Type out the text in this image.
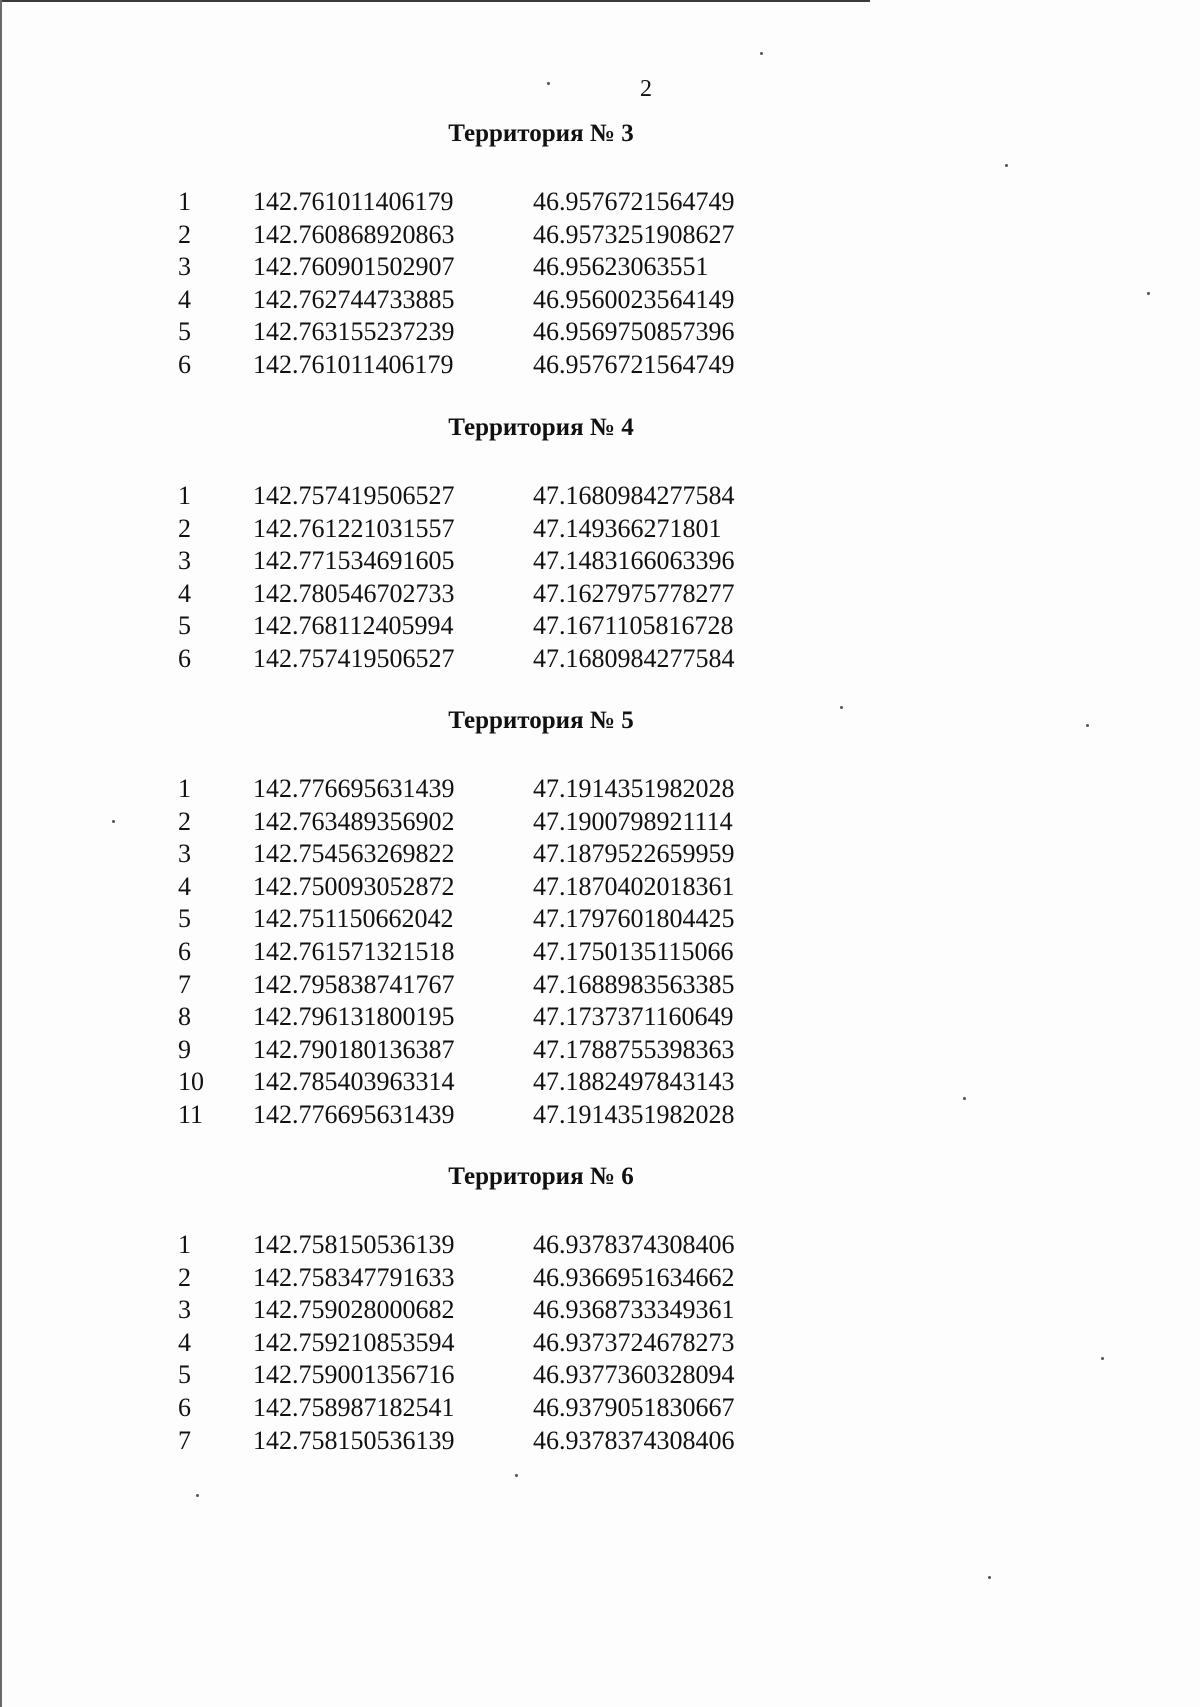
2
Территория № 3
1	142.761011406179	46.9576721564749
2	142.760868920863	46.9573251908627
3	142.760901502907	46.95623063551
4	142.762744733885	46.9560023564149
5	142.763155237239	46.9569750857396
6	142.761011406179	46.9576721564749
Территория № 4
1	142.757419506527	47.1680984277584
2	142.761221031557	47.149366271801
3	142.771534691605	47.1483166063396
4	142.780546702733	47.1627975778277
5	142.768112405994	47.1671105816728
6	142.757419506527	47.1680984277584
Территория № 5
1	142.776695631439	47.1914351982028
2	142.763489356902	47.1900798921114
3	142.754563269822	47.1879522659959
4	142.750093052872	47.1870402018361
5	142.751150662042	47.1797601804425
6	142.761571321518	47.1750135115066
7	142.795838741767	47.1688983563385
8	142.796131800195	47.1737371160649
9	142.790180136387	47.1788755398363
10	142.785403963314	47.1882497843143
11	142.776695631439	47.1914351982028
Территория № 6
1	142.758150536139	46.9378374308406
2	142.758347791633	46.9366951634662
3	142.759028000682	46.9368733349361
4	142.759210853594	46.9373724678273
5	142.759001356716	46.9377360328094
6	142.758987182541	46.9379051830667
7	142.758150536139	46.9378374308406
